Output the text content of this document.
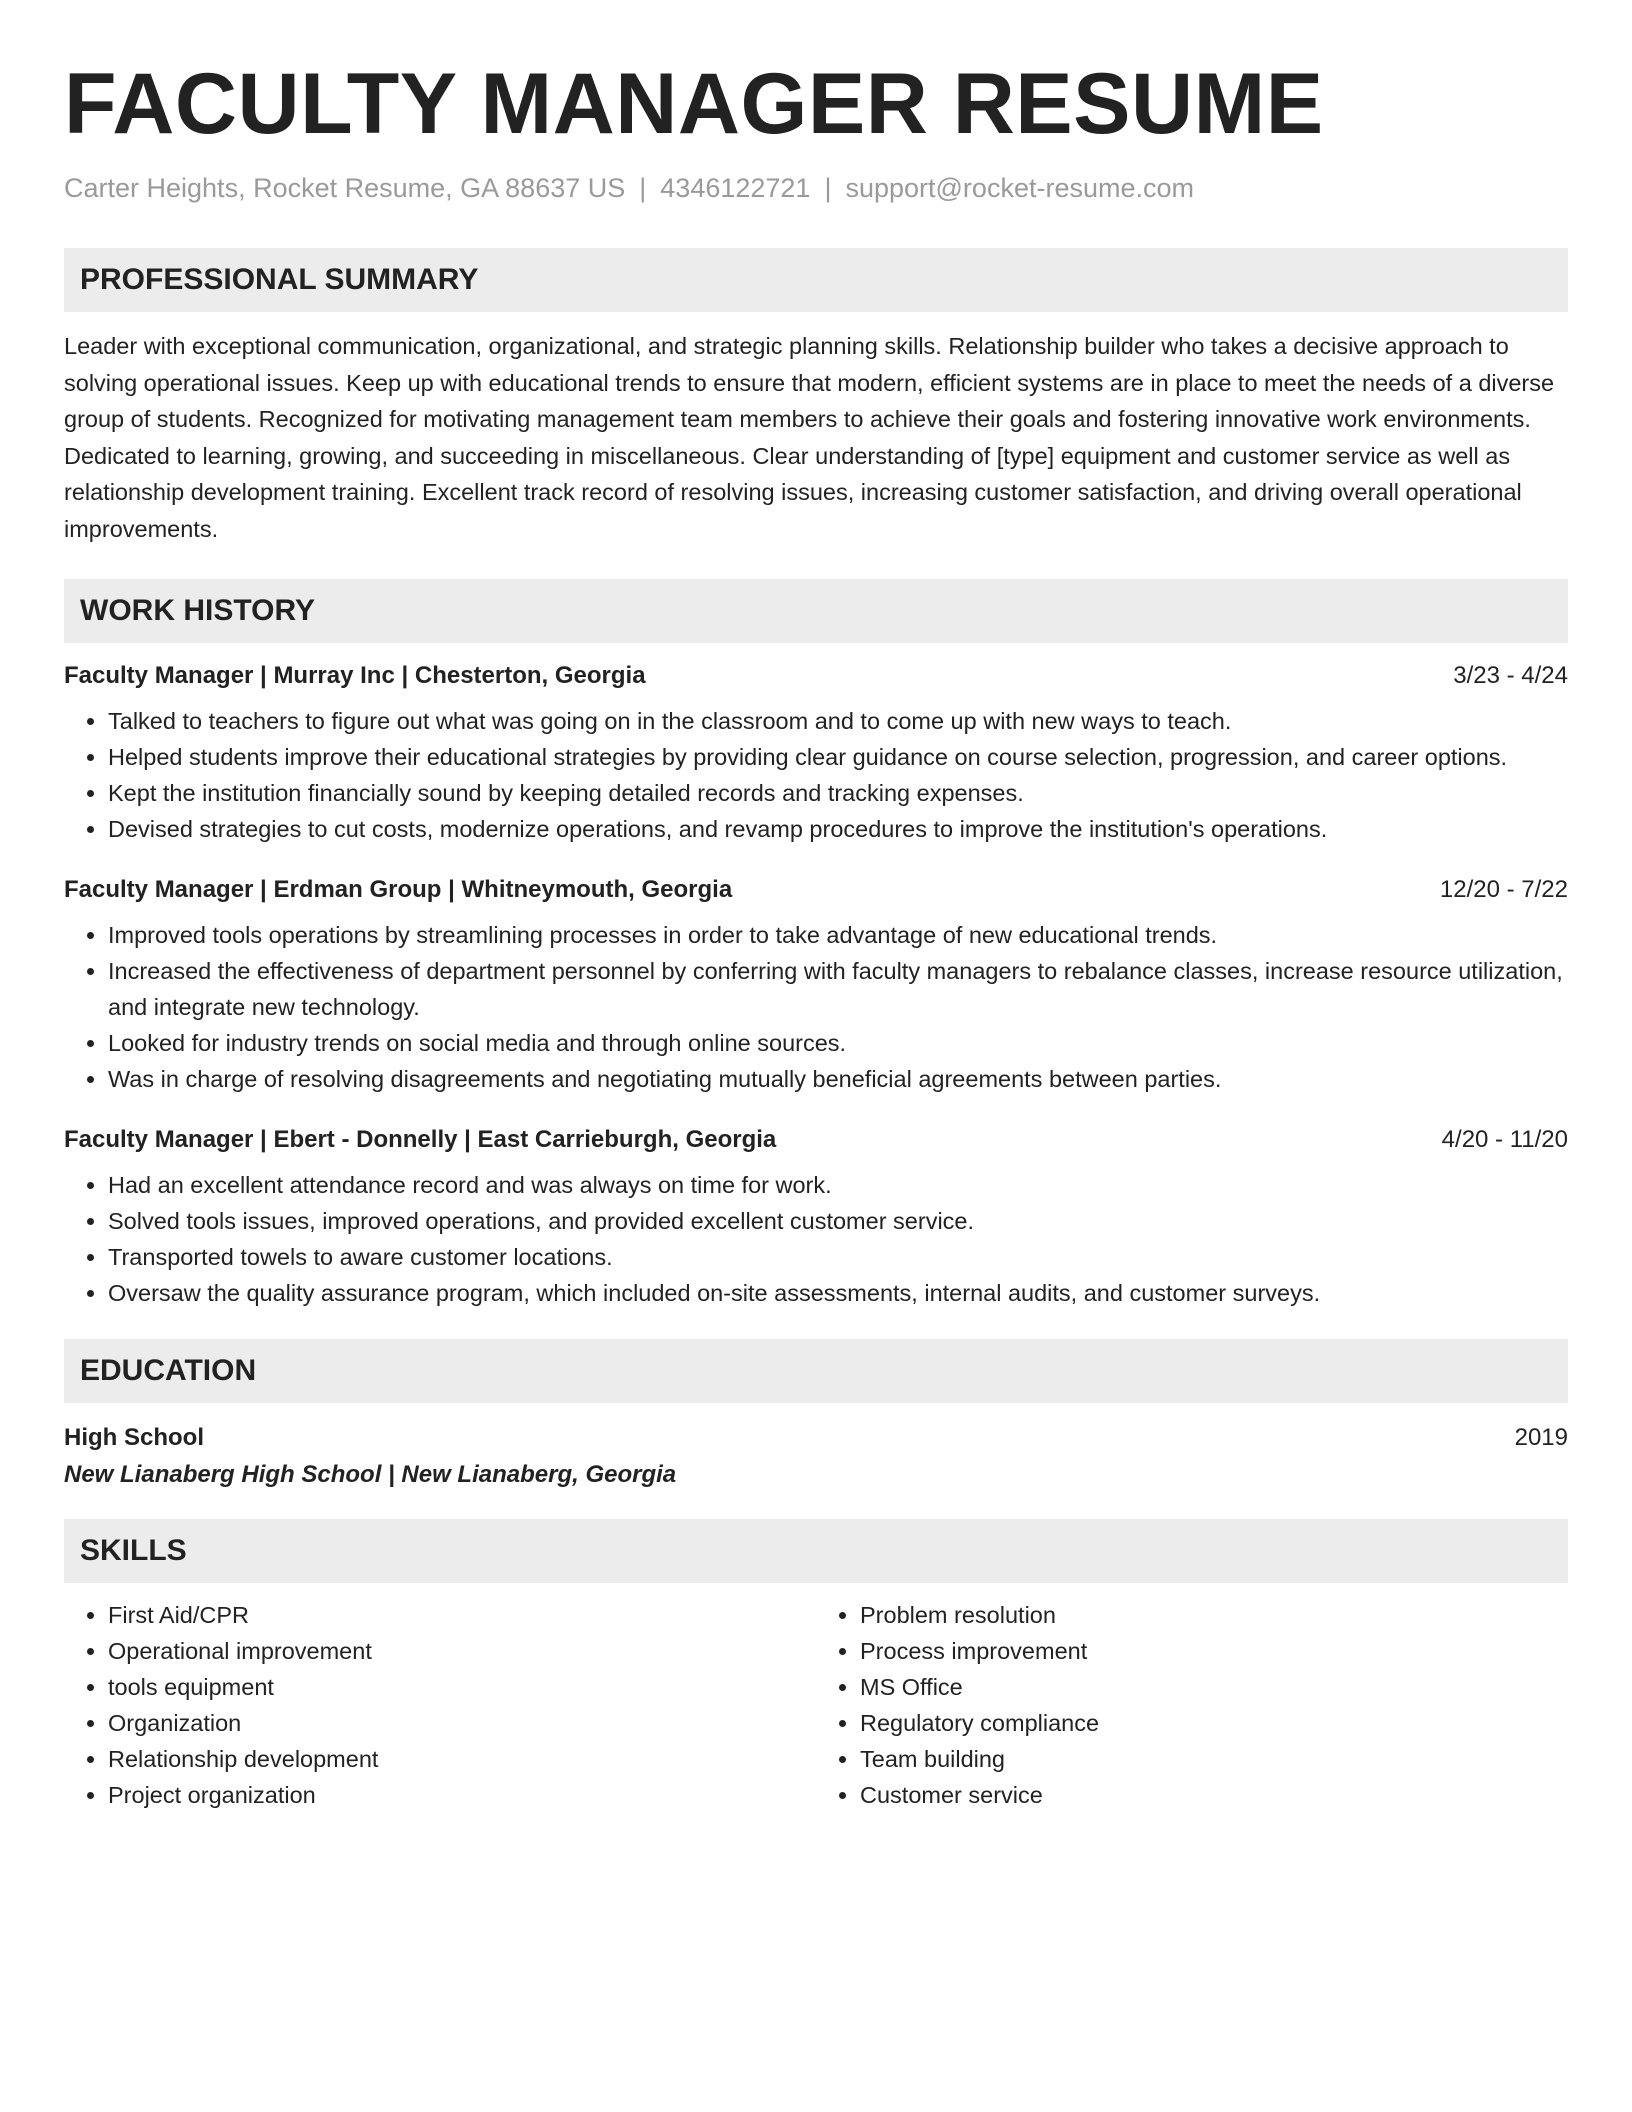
FACULTY MANAGER RESUME
Carter Heights, Rocket Resume, GA 88637 US | 4346122721 | support@rocket-resume.com
PROFESSIONAL SUMMARY

Leader with exceptional communication, organizational, and strategic planning skills. Relationship builder who takes a decisive approach to solving operational issues. Keep up with educational trends to ensure that modern, efficient systems are in place to meet the needs of a diverse group of students. Recognized for motivating management team members to achieve their goals and fostering innovative work environments. Dedicated to learning, growing, and succeeding in miscellaneous. Clear understanding of [type] equipment and customer service as well as relationship development training. Excellent track record of resolving issues, increasing customer satisfaction, and driving overall operational improvements.

WORK HISTORY
Faculty Manager | Murray Inc | Chesterton, Georgia	3/23 - 4/24
• Talked to teachers to figure out what was going on in the classroom and to come up with new ways to teach.
• Helped students improve their educational strategies by providing clear guidance on course selection, progression, and career options.
• Kept the institution financially sound by keeping detailed records and tracking expenses.
• Devised strategies to cut costs, modernize operations, and revamp procedures to improve the institution's operations.
Faculty Manager | Erdman Group | Whitneymouth, Georgia	12/20 - 7/22
• Improved tools operations by streamlining processes in order to take advantage of new educational trends.
• Increased the effectiveness of department personnel by conferring with faculty managers to rebalance classes, increase resource utilization, and integrate new technology.
• Looked for industry trends on social media and through online sources.
• Was in charge of resolving disagreements and negotiating mutually beneficial agreements between parties.
Faculty Manager | Ebert - Donnelly | East Carrieburgh, Georgia	4/20 - 11/20
• Had an excellent attendance record and was always on time for work.
• Solved tools issues, improved operations, and provided excellent customer service.
• Transported towels to aware customer locations.
• Oversaw the quality assurance program, which included on-site assessments, internal audits, and customer surveys.
EDUCATION
High School	2019
New Lianaberg High School | New Lianaberg, Georgia
SKILLS
• First Aid/CPR
• Operational improvement
• tools equipment
• Organization
• Relationship development
• Project organization
• Problem resolution
• Process improvement
• MS Office
• Regulatory compliance
• Team building
• Customer service
